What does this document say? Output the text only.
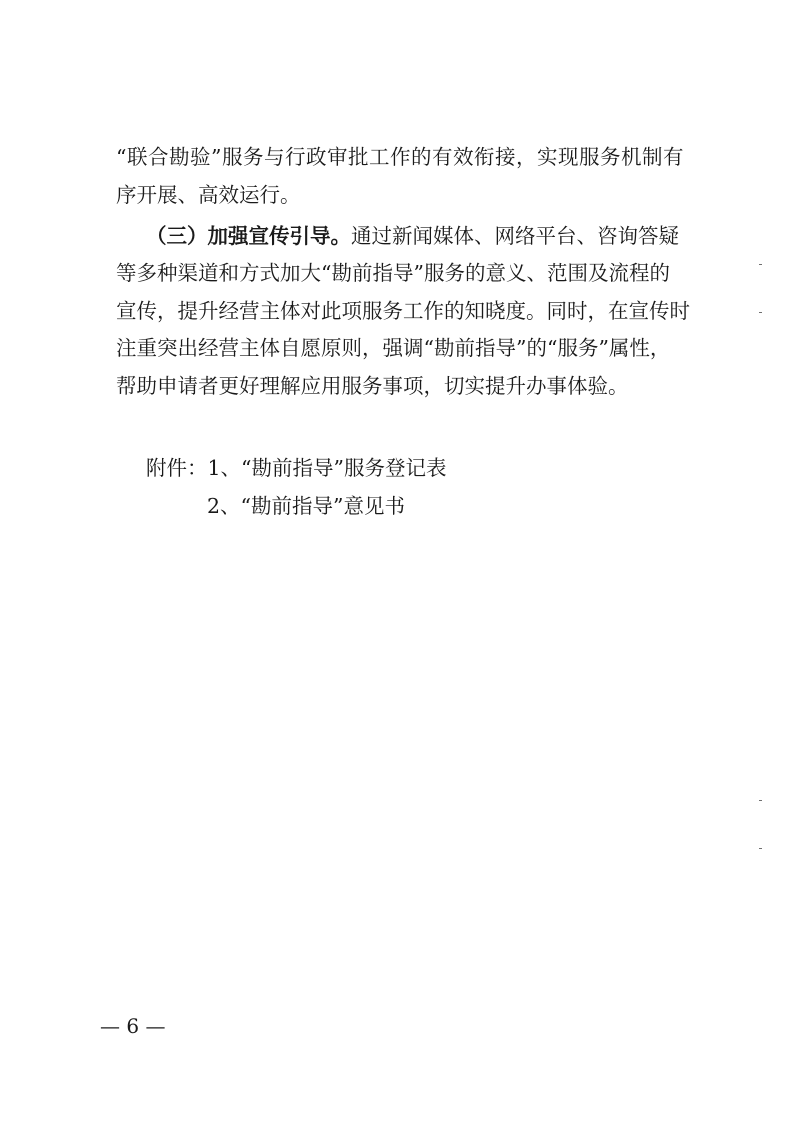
“联合勘验”服务与行政审批工作的有效衔接，实现服务机制有
序开展、高效运行。
（三）加强宣传引导。通过新闻媒体、网络平台、咨询答疑
等多种渠道和方式加大“勘前指导”服务的意义、范围及流程的
宣传，提升经营主体对此项服务工作的知晓度。同时，在宣传时
注重突出经营主体自愿原则，强调“勘前指导”的“服务”属性，
帮助申请者更好理解应用服务事项，切实提升办事体验。
附件：1、“勘前指导”服务登记表
2、“勘前指导”意见书
— 6 —
